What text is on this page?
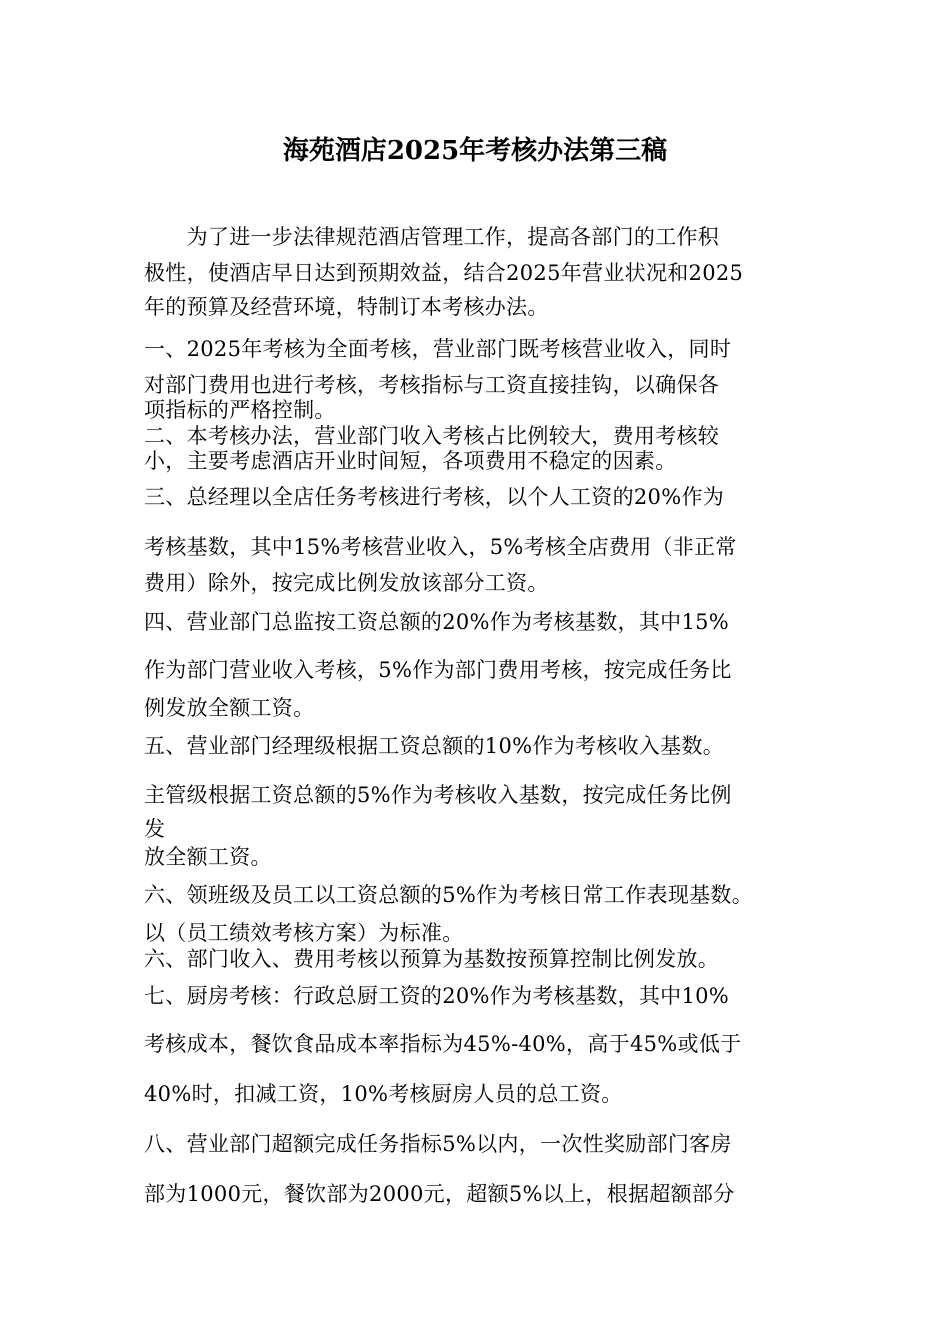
海苑酒店2025年考核办法第三稿
　　为了进一步法律规范酒店管理工作，提高各部门的工作积
极性，使酒店早日达到预期效益，结合2025年营业状况和2025
年的预算及经营环境，特制订本考核办法。
一、2025年考核为全面考核，营业部门既考核营业收入，同时
对部门费用也进行考核，考核指标与工资直接挂钩，以确保各
项指标的严格控制。
二、本考核办法，营业部门收入考核占比例较大，费用考核较
小，主要考虑酒店开业时间短，各项费用不稳定的因素。
三、总经理以全店任务考核进行考核，以个人工资的20%作为
考核基数，其中15%考核营业收入，5%考核全店费用（非正常
费用）除外，按完成比例发放该部分工资。
四、营业部门总监按工资总额的20%作为考核基数，其中15%
作为部门营业收入考核，5%作为部门费用考核，按完成任务比
例发放全额工资。
五、营业部门经理级根据工资总额的10%作为考核收入基数。
主管级根据工资总额的5%作为考核收入基数，按完成任务比例
发
放全额工资。
六、领班级及员工以工资总额的5%作为考核日常工作表现基数。
以（员工绩效考核方案）为标准。
六、部门收入、费用考核以预算为基数按预算控制比例发放。
七、厨房考核：行政总厨工资的20%作为考核基数，其中10%
考核成本，餐饮食品成本率指标为45%-40%，高于45%或低于
40%时，扣减工资，10%考核厨房人员的总工资。
八、营业部门超额完成任务指标5%以内，一次性奖励部门客房
部为1000元，餐饮部为2000元，超额5%以上，根据超额部分
